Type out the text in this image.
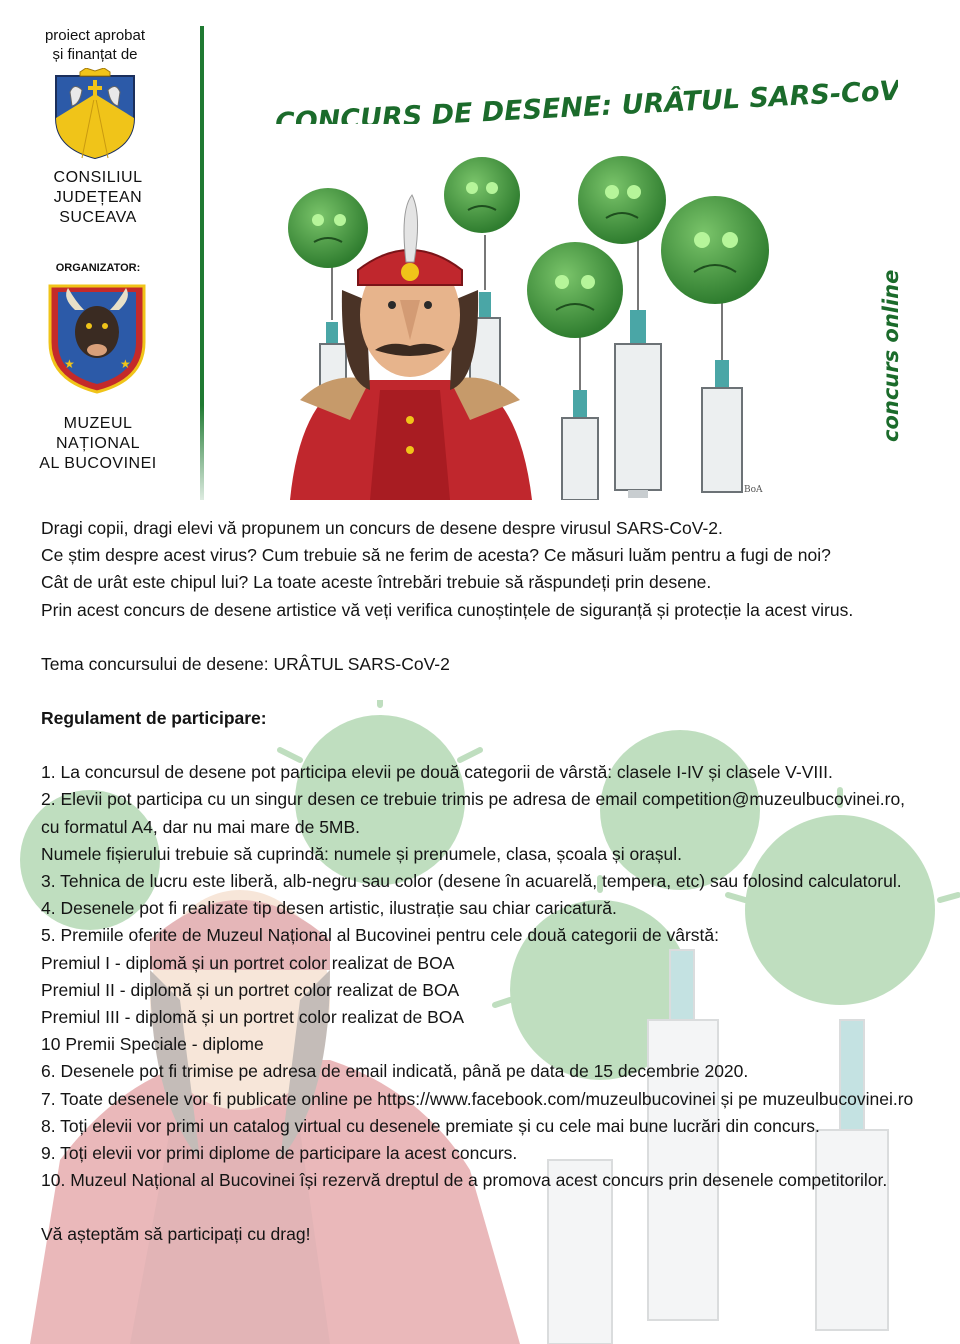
proiect aprobat
și finanțat de
CONSILIUL
JUDEȚEAN
SUCEAVA
ORGANIZATOR:
★	★
MUZEUL
NAȚIONAL
AL BUCOVINEI
BoA
CONCURS DE DESENE: URÂTUL SARS-CoV-2
concurs online

Dragi copii, dragi elevi vă propunem un concurs de desene despre virusul SARS-CoV-2.

Ce știm despre acest virus? Cum trebuie să ne ferim de acesta? Ce măsuri luăm pentru a fugi de noi?

Cât de urât este chipul lui? La toate aceste întrebări trebuie să răspundeți prin desene.

Prin acest concurs de desene artistice vă veți verifica cunoștințele de siguranță și protecție la acest virus.

Tema concursului de desene: URÂTUL SARS-CoV-2

Regulament de participare:

1. La concursul de desene pot participa elevii pe două categorii de vârstă: clasele I-IV și clasele V-VIII.

2. Elevii pot participa cu un singur desen ce trebuie trimis pe adresa de email competition@muzeulbucovinei.ro,

cu formatul A4, dar nu mai mare de 5MB.

Numele fișierului trebuie să cuprindă: numele și prenumele, clasa, școala și orașul.

3. Tehnica de lucru este liberă, alb-negru sau color (desene în acuarelă, tempera, etc) sau folosind calculatorul.

4. Desenele pot fi realizate tip desen artistic, ilustrație sau chiar caricatură.

5. Premiile oferite de Muzeul Național al Bucovinei pentru cele două categorii de vârstă:

Premiul I - diplomă și un portret color realizat de BOA

Premiul II - diplomă și un portret color realizat de BOA

Premiul III - diplomă și un portret color realizat de BOA

10 Premii Speciale - diplome

6. Desenele pot fi trimise pe adresa de email indicată, până pe data de 15 decembrie 2020.

7. Toate desenele vor fi publicate online pe https://www.facebook.com/muzeulbucovinei și pe muzeulbucovinei.ro

8. Toți elevii vor primi un catalog virtual cu desenele premiate și cu cele mai bune lucrări din concurs.

9. Toți elevii vor primi diplome de participare la acest concurs.

10. Muzeul Național al Bucovinei își rezervă dreptul de a promova acest concurs prin desenele competitorilor.

Vă așteptăm să participați cu drag!
